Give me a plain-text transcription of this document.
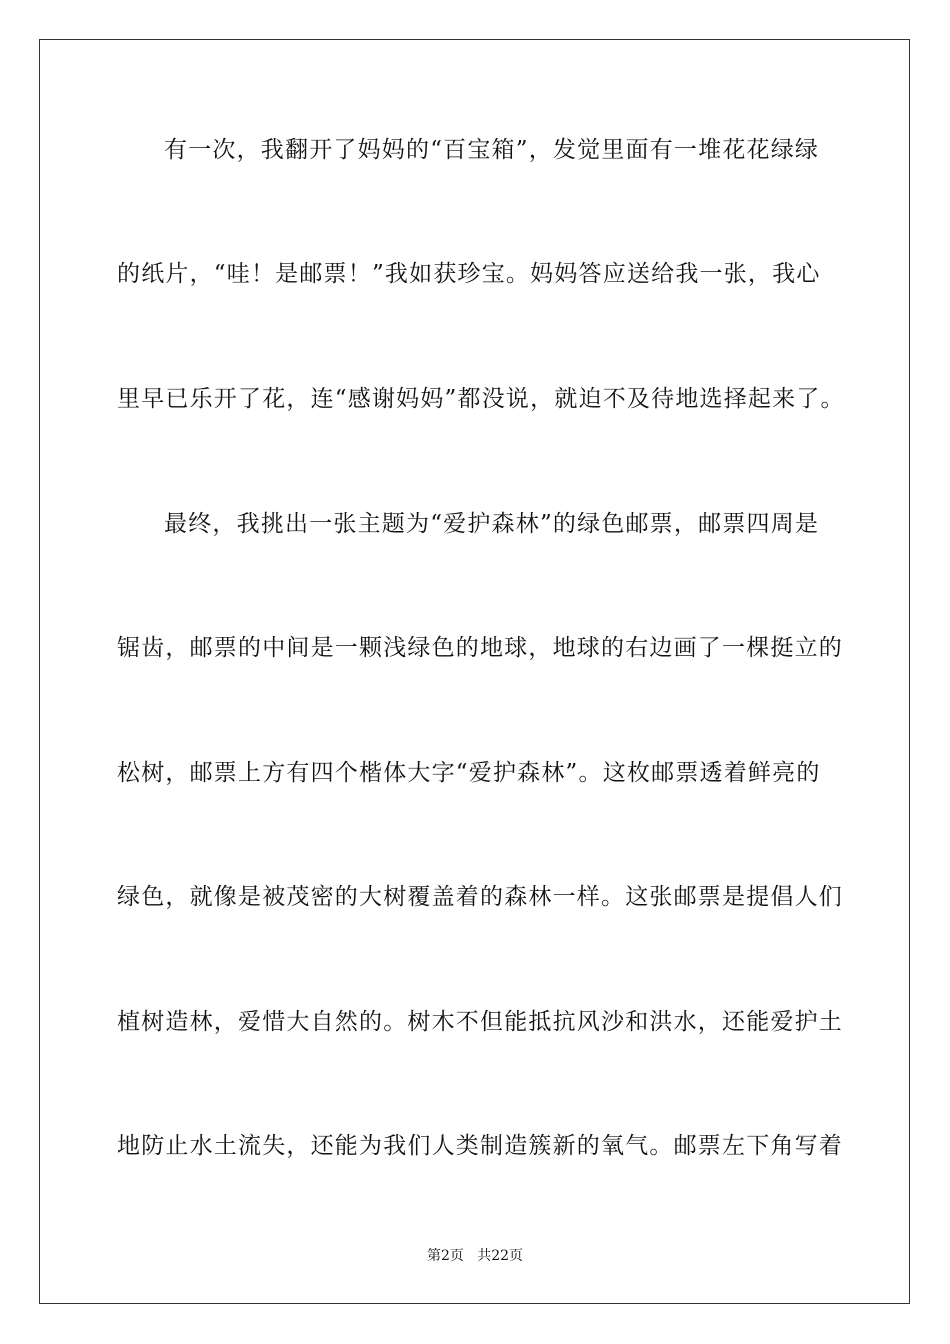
有一次，我翻开了妈妈的“百宝箱”，发觉里面有一堆花花绿绿
的纸片，“哇！是邮票！”我如获珍宝。妈妈答应送给我一张，我心
里早已乐开了花，连“感谢妈妈”都没说，就迫不及待地选择起来了。
最终，我挑出一张主题为“爱护森林”的绿色邮票，邮票四周是
锯齿，邮票的中间是一颗浅绿色的地球，地球的右边画了一棵挺立的
松树，邮票上方有四个楷体大字“爱护森林”。这枚邮票透着鲜亮的
绿色，就像是被茂密的大树覆盖着的森林一样。这张邮票是提倡人们
植树造林，爱惜大自然的。树木不但能抵抗风沙和洪水，还能爱护土
地防止水土流失，还能为我们人类制造簇新的氧气。邮票左下角写着
第2页   共22页
